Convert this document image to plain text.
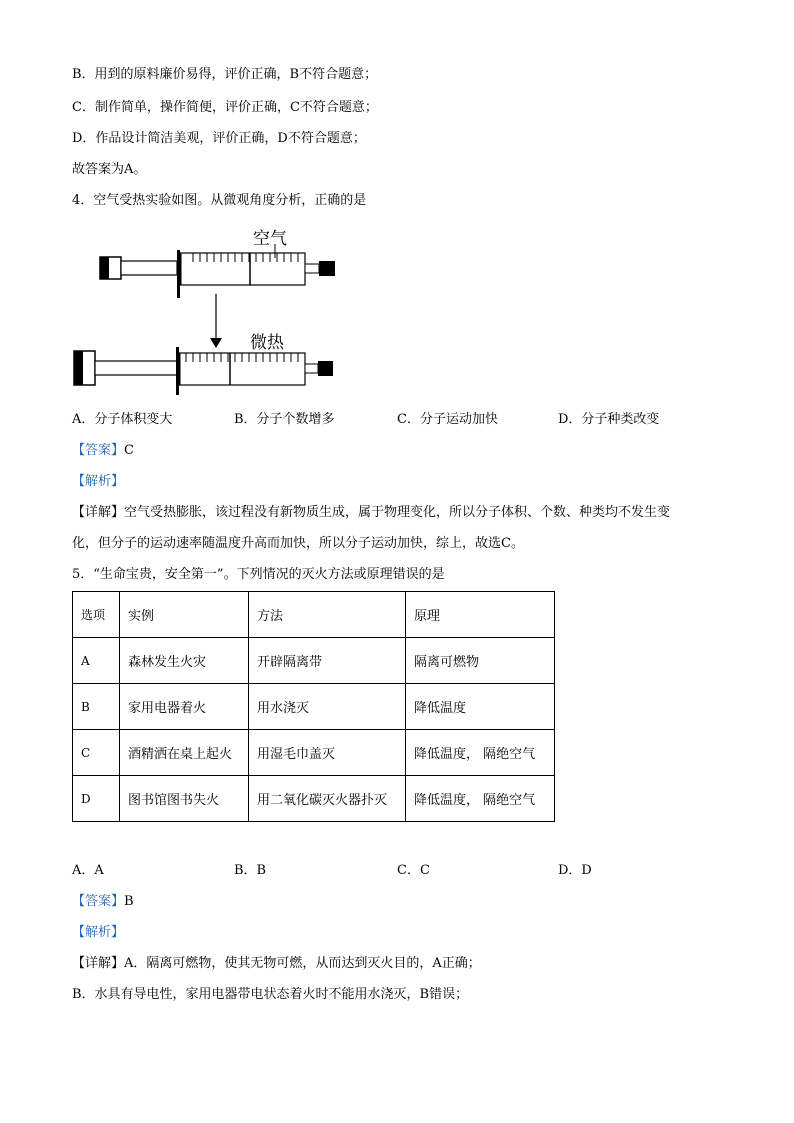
B．用到的原料廉价易得，评价正确，B不符合题意；
C．制作简单，操作简便，评价正确，C不符合题意；
D．作品设计简洁美观，评价正确，D不符合题意；
故答案为A。
4．空气受热实验如图。从微观角度分析，正确的是
空气
微热
A．分子体积变大	B．分子个数增多	C．分子运动加快	D．分子种类改变
【答案】C
【解析】
【详解】空气受热膨胀，该过程没有新物质生成，属于物理变化，所以分子体积、个数、种类均不发生变
化，但分子的运动速率随温度升高而加快，所以分子运动加快，综上，故选C。
5．“生命宝贵，安全第一”。下列情况的灭火方法或原理错误的是
选项	实例	方法	原理
A	森林发生火灾	开辟隔离带	隔离可燃物
B	家用电器着火	用水浇灭	降低温度
C	酒精洒在桌上起火	用湿毛巾盖灭	降低温度， 隔绝空气
D	图书馆图书失火	用二氧化碳灭火器扑灭	降低温度， 隔绝空气
A．A	B．B	C．C	D．D
【答案】B
【解析】
【详解】A．隔离可燃物，使其无物可燃，从而达到灭火目的，A正确；
B．水具有导电性，家用电器带电状态着火时不能用水浇灭，B错误；
